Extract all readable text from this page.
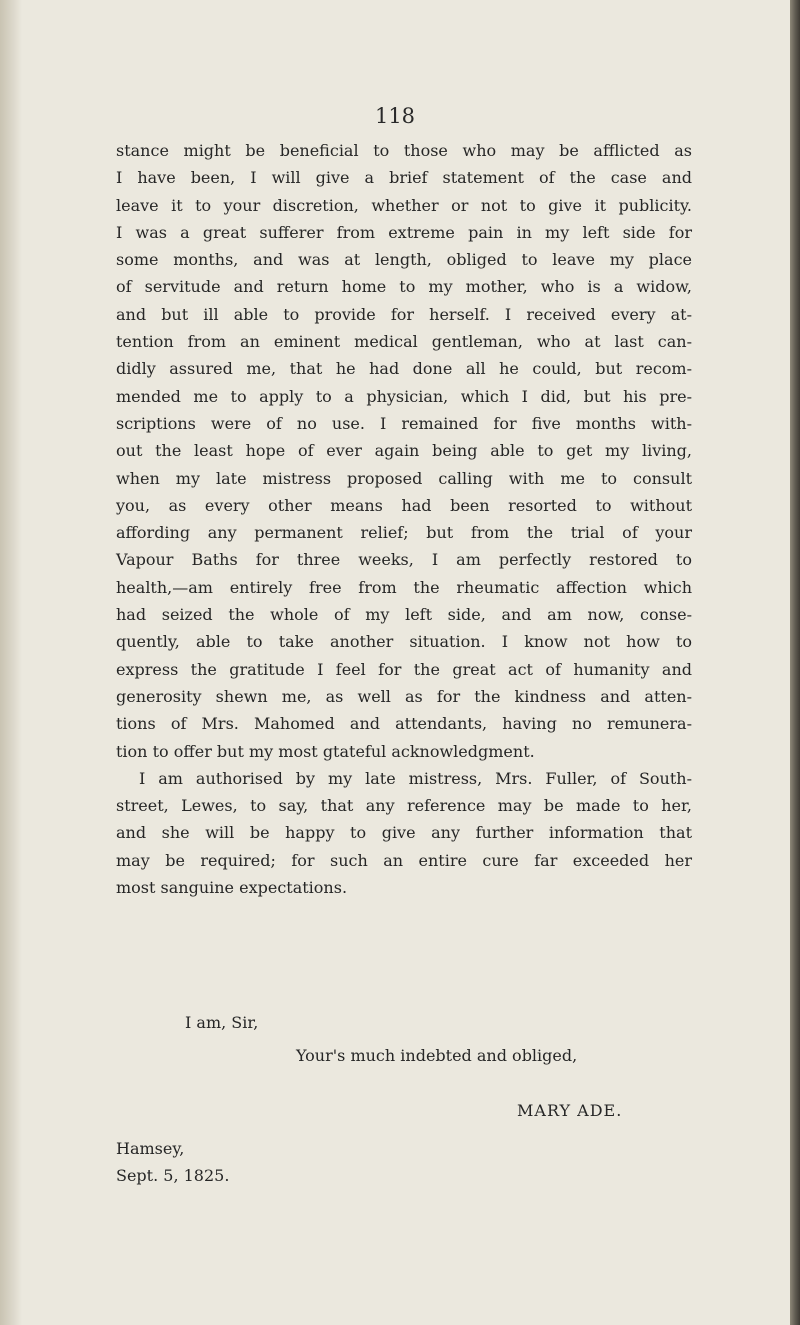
118
stance might be beneficial to those who may be afflicted as
I have been, I will give a brief statement of the case and
leave it to your discretion, whether or not to give it publicity.
I was a great sufferer from extreme pain in my left side for
some months, and was at length, obliged to leave my place
of servitude and return home to my mother, who is a widow,
and but ill able to provide for herself. I received every at-
tention from an eminent medical gentleman, who at last can-
didly assured me, that he had done all he could, but recom-
mended me to apply to a physician, which I did, but his pre-
scriptions were of no use. I remained for five months with-
out the least hope of ever again being able to get my living,
when my late mistress proposed calling with me to consult
you, as every other means had been resorted to without
affording any permanent relief; but from the trial of your
Vapour Baths for three weeks, I am perfectly restored to
health,—am entirely free from the rheumatic affection which
had seized the whole of my left side, and am now, conse-
quently, able to take another situation. I know not how to
express the gratitude I feel for the great act of humanity and
generosity shewn me, as well as for the kindness and atten-
tions of Mrs. Mahomed and attendants, having no remunera-
tion to offer but my most gtateful acknowledgment.
I am authorised by my late mistress, Mrs. Fuller, of South-
street, Lewes, to say, that any reference may be made to her,
and she will be happy to give any further information that
may be required; for such an entire cure far exceeded her
most sanguine expectations.
I am, Sir,
Your's much indebted and obliged,
MARY ADE.
Hamsey,
Sept. 5, 1825.
